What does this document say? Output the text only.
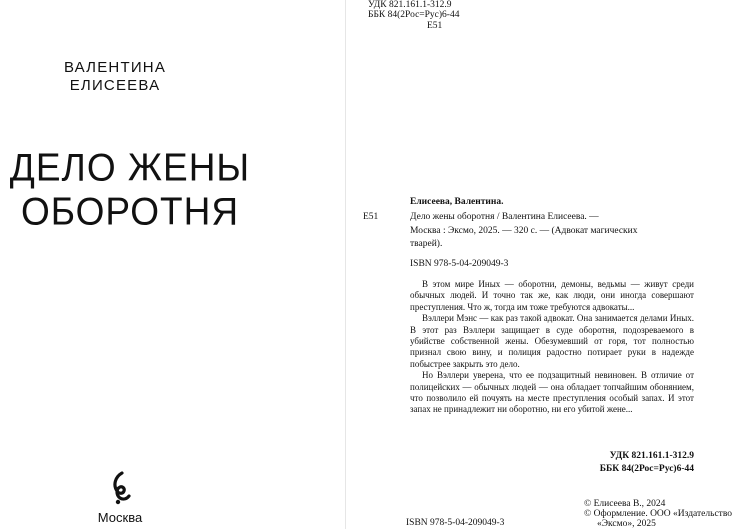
ВАЛЕНТИНА
ЕЛИСЕЕВА
ДЕЛО ЖЕНЫ
ОБОРОТНЯ
Москва
УДК 821.161.1-312.9
ББК 84(2Рос=Рус)6-44
Е51
Елисеева, Валентина.
Е51	Дело жены оборотня / Валентина Елисеева. —
Москва : Эксмо, 2025. — 320 с. — (Адвокат магических
тварей).
ISBN 978-5-04-209049-3

В этом мире Иных — оборотни, демоны, ведьмы — живут среди обычных людей. И точно так же, как люди, они иногда совершают преступления. Что ж, тогда им тоже требуются адвокаты...

Вэллери Мэнс — как раз такой адвокат. Она занимается делами Иных. В этот раз Вэллери защищает в суде оборотня, подозреваемого в убийстве собственной жены. Обезумевший от горя, тот полностью признал свою вину, и полиция радостно потирает руки в надежде побыстрее закрыть это дело.

Но Вэллери уверена, что ее подзащитный невиновен. В отличие от полицейских — обычных людей — она обладает топчайшим обонянием, что позволило ей почуять на месте преступления особый запах. И этот запах не принадлежит ни оборотню, ни его убитой жене...

УДК 821.161.1-312.9
ББК 84(2Рос=Рус)6-44
© Елисеева В., 2024
© Оформление. ООО «Издательство
«Эксмо», 2025
ISBN 978-5-04-209049-3
